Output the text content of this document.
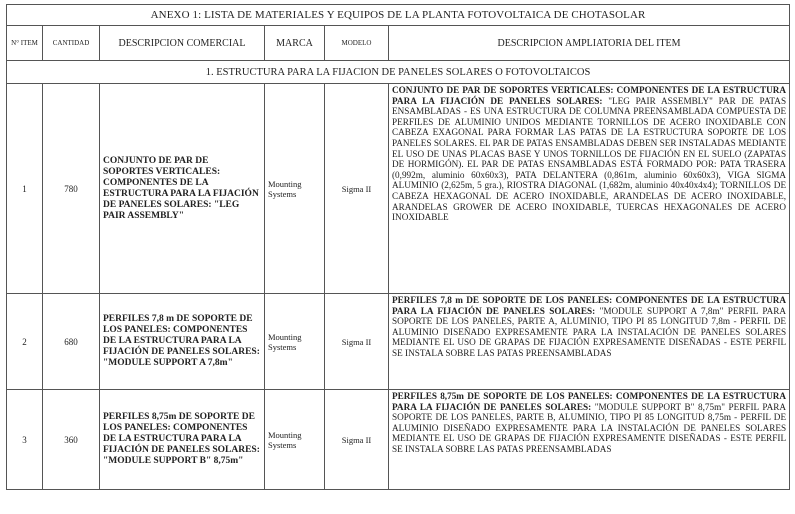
ANEXO 1: LISTA DE MATERIALES Y EQUIPOS DE LA PLANTA FOTOVOLTAICA DE CHOTASOLAR					
N° ITEM	CANTIDAD	DESCRIPCION COMERCIAL	MARCA	MODELO	DESCRIPCION AMPLIATORIA DEL ITEM
1. ESTRUCTURA PARA LA FIJACION DE PANELES SOLARES O FOTOVOLTAICOS					
1	780	CONJUNTO DE PAR DE SOPORTES VERTICALES: COMPONENTES DE LA ESTRUCTURA PARA LA FIJACIÓN DE PANELES SOLARES: "LEG PAIR ASSEMBLY"	Mounting Systems	Sigma II	CONJUNTO DE PAR DE SOPORTES VERTICALES: COMPONENTES DE LA ESTRUCTURA PARA LA FIJACIÓN DE PANELES SOLARES: "LEG PAIR ASSEMBLY" PAR DE PATAS ENSAMBLADAS - ES UNA ESTRUCTURA DE COLUMNA PREENSAMBLADA COMPUESTA DE PERFILES DE ALUMINIO UNIDOS MEDIANTE TORNILLOS DE ACERO INOXIDABLE CON CABEZA EXAGONAL PARA FORMAR LAS PATAS DE LA ESTRUCTURA SOPORTE DE LOS PANELES SOLARES. EL PAR DE PATAS ENSAMBLADAS DEBEN SER INSTALADAS MEDIANTE EL USO DE UNAS PLACAS BASE Y UNOS TORNILLOS DE FIJACIÓN EN EL SUELO (ZAPATAS DE HORMIGÓN). EL PAR DE PATAS ENSAMBLADAS ESTÁ FORMADO POR: PATA TRASERA (0,992m, aluminio 60x60x3), PATA DELANTERA (0,861m, aluminio 60x60x3), VIGA SIGMA ALUMINIO (2,625m, 5 gra.), RIOSTRA DIAGONAL (1,682m, aluminio 40x40x4x4); TORNILLOS DE CABEZA HEXAGONAL DE ACERO INOXIDABLE, ARANDELAS DE ACERO INOXIDABLE, ARANDELAS GROWER DE ACERO INOXIDABLE, TUERCAS HEXAGONALES DE ACERO INOXIDABLE
2	680	PERFILES 7,8 m DE SOPORTE DE LOS PANELES: COMPONENTES DE LA ESTRUCTURA PARA LA FIJACIÓN DE PANELES SOLARES: "MODULE SUPPORT A 7,8m"	Mounting Systems	Sigma II	PERFILES 7,8 m DE SOPORTE DE LOS PANELES: COMPONENTES DE LA ESTRUCTURA PARA LA FIJACIÓN DE PANELES SOLARES: "MODULE SUPPORT A 7,8m" PERFIL PARA SOPORTE DE LOS PANELES, PARTE A, ALUMINIO, TIPO PI 85 LONGITUD 7,8m - PERFIL DE ALUMINIO DISEÑADO EXPRESAMENTE PARA LA INSTALACIÓN DE PANELES SOLARES MEDIANTE EL USO DE GRAPAS DE FIJACIÓN EXPRESAMENTE DISEÑADAS - ESTE PERFIL SE INSTALA SOBRE LAS PATAS PREENSAMBLADAS
3	360	PERFILES 8,75m DE SOPORTE DE LOS PANELES: COMPONENTES DE LA ESTRUCTURA PARA LA FIJACIÓN DE PANELES SOLARES: "MODULE SUPPORT B" 8,75m"	Mounting Systems	Sigma II	PERFILES 8,75m DE SOPORTE DE LOS PANELES: COMPONENTES DE LA ESTRUCTURA PARA LA FIJACIÓN DE PANELES SOLARES: "MODULE SUPPORT B" 8,75m" PERFIL PARA SOPORTE DE LOS PANELES, PARTE B, ALUMINIO, TIPO PI 85 LONGITUD 8,75m - PERFIL DE ALUMINIO DISEÑADO EXPRESAMENTE PARA LA INSTALACIÓN DE PANELES SOLARES MEDIANTE EL USO DE GRAPAS DE FIJACIÓN EXPRESAMENTE DISEÑADAS - ESTE PERFIL SE INSTALA SOBRE LAS PATAS PREENSAMBLADAS
